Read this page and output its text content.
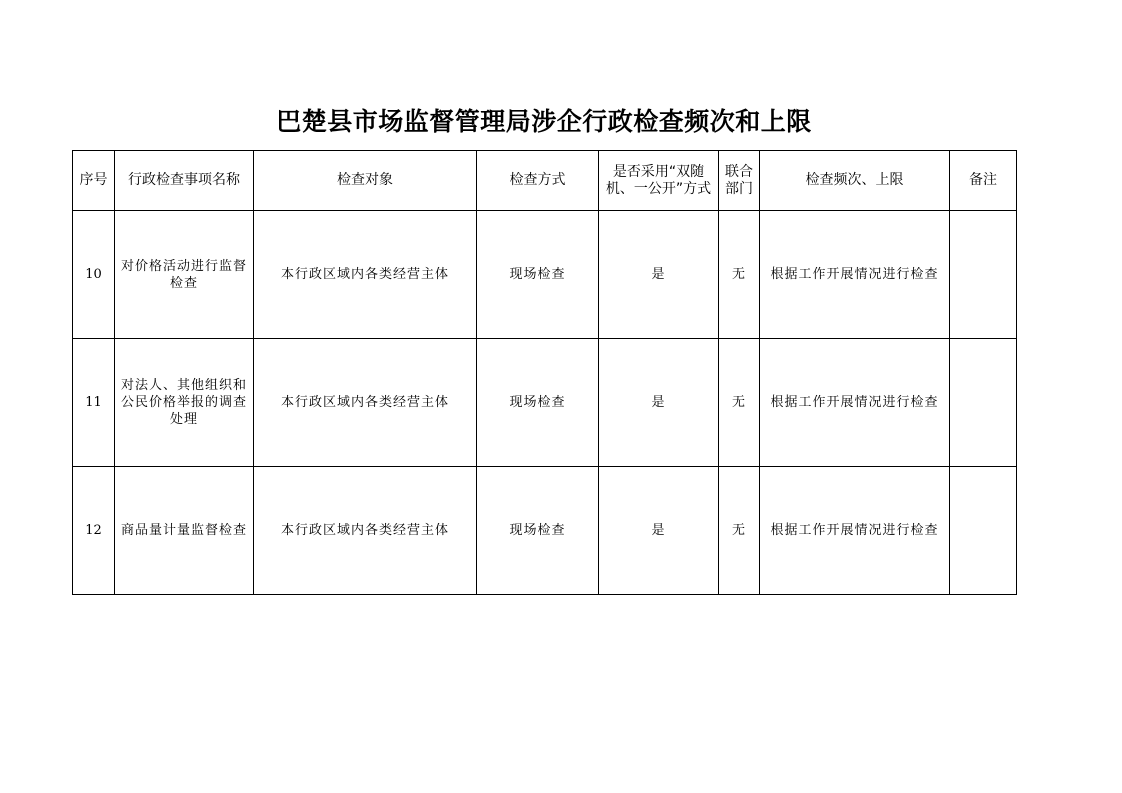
巴楚县市场监督管理局涉企行政检查频次和上限
序号	行政检查事项名称	检查对象	检查方式	是否采用“双随机、一公开”方式	联合部门	检查频次、上限	备注
10	对价格活动进行监督检查	本行政区域内各类经营主体	现场检查	是	无	根据工作开展情况进行检查	
11	对法人、其他组织和公民价格举报的调查处理	本行政区域内各类经营主体	现场检查	是	无	根据工作开展情况进行检查	
12	商品量计量监督检查	本行政区域内各类经营主体	现场检查	是	无	根据工作开展情况进行检查	
